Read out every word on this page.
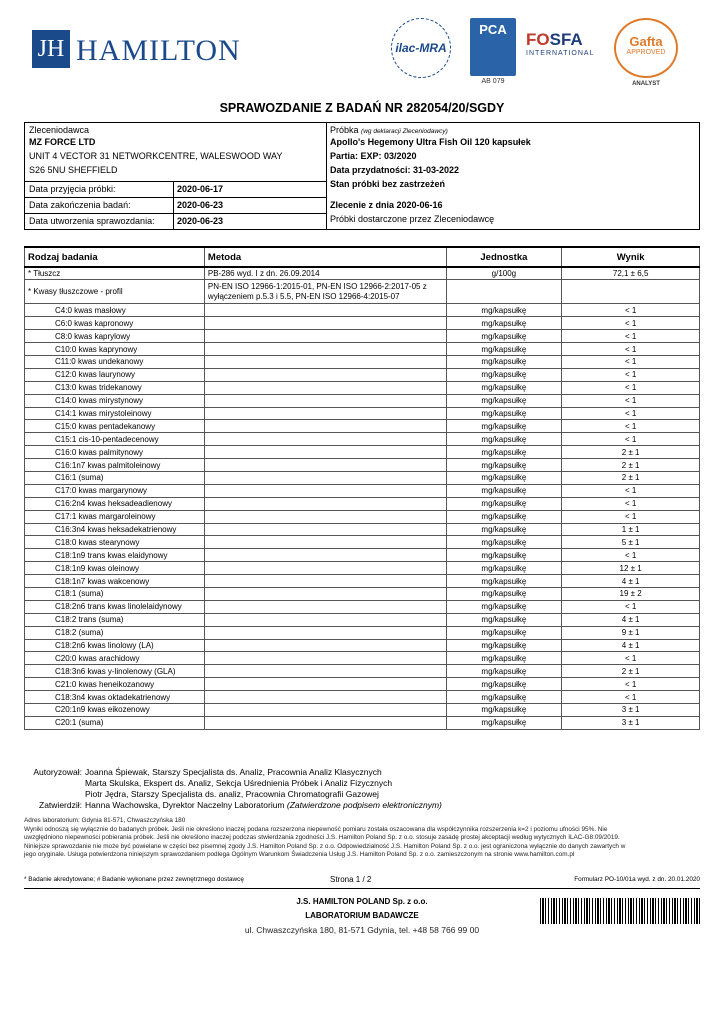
JH HAMILTON	ilac-MRA
PCA
AB 079
FOSFA
INTERNATIONAL
Gafta
APPROVED
ANALYST
SPRAWOZDANIE Z BADAŃ NR 282054/20/SGDY
Zleceniodawca
MZ FORCE LTD
UNIT 4 VECTOR 31 NETWORKCENTRE, WALESWOOD WAY
S26 5NU SHEFFIELD
Data przyjęcia próbki:	2020-06-17
Data zakończenia badań:	2020-06-23
Data utworzenia sprawozdania: 2020-06-23
Próbka (wg deklaracji Zleceniodawcy)
Apollo's Hegemony Ultra Fish Oil 120 kapsułek
Partia: EXP: 03/2020
Data przydatności: 31-03-2022
Stan próbki bez zastrzeżeń
Zlecenie z dnia 2020-06-16
Próbki dostarczone przez Zleceniodawcę
Rodzaj badania	Metoda	Jednostka	Wynik
* Tłuszcz	PB-286 wyd. I z dn. 26.09.2014	g/100g	72,1 ± 6,5
* Kwasy tłuszczowe - profil	PN-EN ISO 12966-1:2015-01, PN-EN ISO 12966-2:2017-05 z wyłączeniem p.5.3 i 5.5, PN-EN ISO 12966-4:2015-07		
C4:0 kwas masłowy		mg/kapsułkę	< 1
C6:0 kwas kapronowy		mg/kapsułkę	< 1
C8:0 kwas kaprylowy		mg/kapsułkę	< 1
C10:0 kwas kaprynowy		mg/kapsułkę	< 1
C11:0 kwas undekanowy		mg/kapsułkę	< 1
C12:0 kwas laurynowy		mg/kapsułkę	< 1
C13:0 kwas tridekanowy		mg/kapsułkę	< 1
C14:0 kwas mirystynowy		mg/kapsułkę	< 1
C14:1 kwas mirystoleinowy		mg/kapsułkę	< 1
C15:0 kwas pentadekanowy		mg/kapsułkę	< 1
C15:1 cis-10-pentadecenowy		mg/kapsułkę	< 1
C16:0 kwas palmitynowy		mg/kapsułkę	2 ± 1
C16:1n7 kwas palmitoleinowy		mg/kapsułkę	2 ± 1
C16:1 (suma)		mg/kapsułkę	2 ± 1
C17:0 kwas margarynowy		mg/kapsułkę	< 1
C16:2n4 kwas heksadeadienowy		mg/kapsułkę	< 1
C17:1 kwas margaroleinowy		mg/kapsułkę	< 1
C16:3n4 kwas heksadekatrienowy		mg/kapsułkę	1 ± 1
C18:0 kwas stearynowy		mg/kapsułkę	5 ± 1
C18:1n9 trans kwas elaidynowy		mg/kapsułkę	< 1
C18:1n9 kwas oleinowy		mg/kapsułkę	12 ± 1
C18:1n7 kwas wakcenowy		mg/kapsułkę	4 ± 1
C18:1 (suma)		mg/kapsułkę	19 ± 2
C18:2n6 trans kwas linolelaidynowy		mg/kapsułkę	< 1
C18:2 trans (suma)		mg/kapsułkę	4 ± 1
C18:2 (suma)		mg/kapsułkę	9 ± 1
C18:2n6 kwas linolowy (LA)		mg/kapsułkę	4 ± 1
C20:0 kwas arachidowy		mg/kapsułkę	< 1
C18:3n6 kwas y-linolenowy (GLA)		mg/kapsułkę	2 ± 1
C21:0 kwas heneikozanowy		mg/kapsułkę	< 1
C18:3n4 kwas oktadekatrienowy		mg/kapsułkę	< 1
C20:1n9 kwas eikozenowy		mg/kapsułkę	3 ± 1
C20:1 (suma)		mg/kapsułkę	3 ± 1
Autoryzował: Joanna Śpiewak, Starszy Specjalista ds. Analiz, Pracownia Analiz Klasycznych
Marta Skulska, Ekspert ds. Analiz, Sekcja Uśrednienia Próbek i Analiz Fizycznych
Piotr Jędra, Starszy Specjalista ds. analiz, Pracownia Chromatografii Gazowej
Zatwierdził: Hanna Wachowska, Dyrektor Naczelny Laboratorium (Zatwierdzone podpisem elektronicznym)
Adres laboratorium: Gdynia 81-571, Chwaszczyńska 180
Wyniki odnoszą się wyłącznie do badanych próbek. Jeśli nie określono inaczej podana rozszerzona niepewność pomiaru została oszacowana dla współczynnika rozszerzenia k=2 i poziomu ufności 95%. Nie
uwzględniono niepewności pobierania próbek. Jeśli nie określono inaczej podczas stwierdzania zgodności J.S. Hamilton Poland Sp. z o.o. stosuje zasadę prostej akceptacji według wytycznych ILAC-G8:09/2019.
Niniejsze sprawozdanie nie może być powielane w części bez pisemnej zgody J.S. Hamilton Poland Sp. z o.o. Odpowiedzialność J.S. Hamilton Poland Sp. z o.o. jest ograniczona wyłącznie do danych zawartych w
jego oryginale. Usługa potwierdzona niniejszym sprawozdaniem podlega Ogólnym Warunkom Świadczenia Usług J.S. Hamilton Poland Sp. z o.o. zamieszczonym na stronie www.hamilton.com.pl
* Badanie akredytowane; # Badanie wykonane przez zewnętrznego dostawcę	Strona 1 / 2	Formularz PO-10/01a wyd. z dn. 20.01.2020
J.S. HAMILTON POLAND Sp. z o.o.
LABORATORIUM BADAWCZE
ul. Chwaszczyńska 180, 81-571 Gdynia, tel. +48 58 766 99 00
